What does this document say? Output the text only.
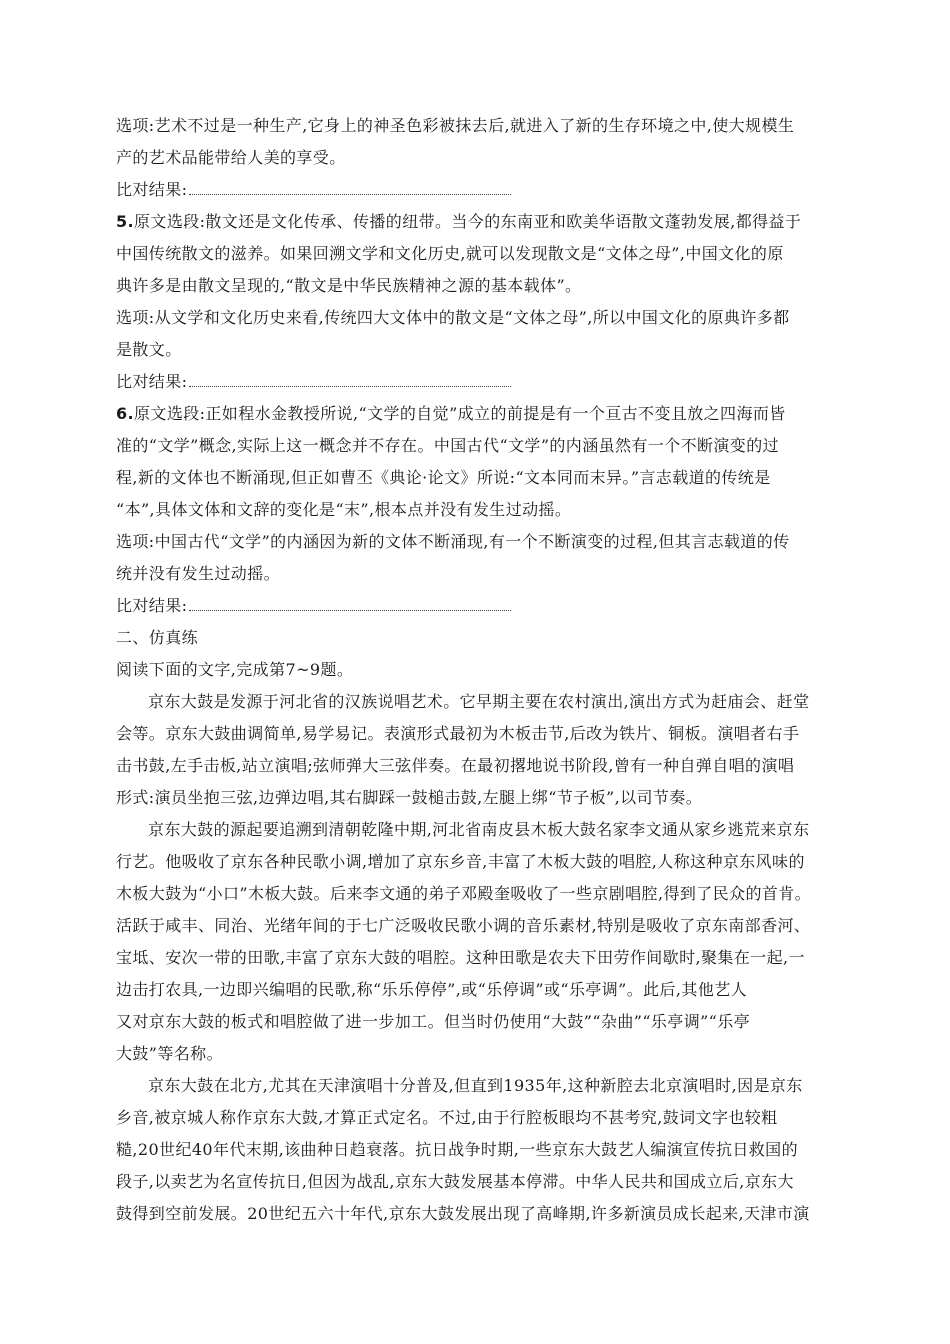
选项:艺术不过是一种生产,它身上的神圣色彩被抹去后,就进入了新的生存环境之中,使大规模生
产的艺术品能带给人美的享受。

比对结果:

5.原文选段:散文还是文化传承、传播的纽带。当今的东南亚和欧美华语散文蓬勃发展,都得益于
中国传统散文的滋养。如果回溯文学和文化历史,就可以发现散文是“文体之母”,中国文化的原
典许多是由散文呈现的,“散文是中华民族精神之源的基本载体”。

选项:从文学和文化历史来看,传统四大文体中的散文是“文体之母”,所以中国文化的原典许多都
是散文。

比对结果:

6.原文选段:正如程水金教授所说,“文学的自觉”成立的前提是有一个亘古不变且放之四海而皆
准的“文学”概念,实际上这一概念并不存在。中国古代“文学”的内涵虽然有一个不断演变的过
程,新的文体也不断涌现,但正如曹丕《典论·论文》所说:“文本同而末异。”言志载道的传统是
“本”,具体文体和文辞的变化是“末”,根本点并没有发生过动摇。

选项:中国古代“文学”的内涵因为新的文体不断涌现,有一个不断演变的过程,但其言志载道的传
统并没有发生过动摇。

比对结果:

二、仿真练

阅读下面的文字,完成第7~9题。

京东大鼓是发源于河北省的汉族说唱艺术。它早期主要在农村演出,演出方式为赶庙会、赶堂
会等。京东大鼓曲调简单,易学易记。表演形式最初为木板击节,后改为铁片、铜板。演唱者右手
击书鼓,左手击板,站立演唱;弦师弹大三弦伴奏。在最初撂地说书阶段,曾有一种自弹自唱的演唱
形式:演员坐抱三弦,边弹边唱,其右脚踩一鼓槌击鼓,左腿上绑“节子板”,以司节奏。

京东大鼓的源起要追溯到清朝乾隆中期,河北省南皮县木板大鼓名家李文通从家乡逃荒来京东
行艺。他吸收了京东各种民歌小调,增加了京东乡音,丰富了木板大鼓的唱腔,人称这种京东风味的
木板大鼓为“小口”木板大鼓。后来李文通的弟子邓殿奎吸收了一些京剧唱腔,得到了民众的首肯。
活跃于咸丰、同治、光绪年间的于七广泛吸收民歌小调的音乐素材,特别是吸收了京东南部香河、
宝坻、安次一带的田歌,丰富了京东大鼓的唱腔。这种田歌是农夫下田劳作间歇时,聚集在一起,一
边击打农具,一边即兴编唱的民歌,称“乐乐停停”,或“乐停调”或“乐亭调”。此后,其他艺人
又对京东大鼓的板式和唱腔做了进一步加工。但当时仍使用“大鼓”“杂曲”“乐亭调”“乐亭
大鼓”等名称。

京东大鼓在北方,尤其在天津演唱十分普及,但直到1935年,这种新腔去北京演唱时,因是京东
乡音,被京城人称作京东大鼓,才算正式定名。不过,由于行腔板眼均不甚考究,鼓词文字也较粗
糙,20世纪40年代末期,该曲种日趋衰落。抗日战争时期,一些京东大鼓艺人编演宣传抗日救国的
段子,以卖艺为名宣传抗日,但因为战乱,京东大鼓发展基本停滞。中华人民共和国成立后,京东大
鼓得到空前发展。20世纪五六十年代,京东大鼓发展出现了高峰期,许多新演员成长起来,天津市演
